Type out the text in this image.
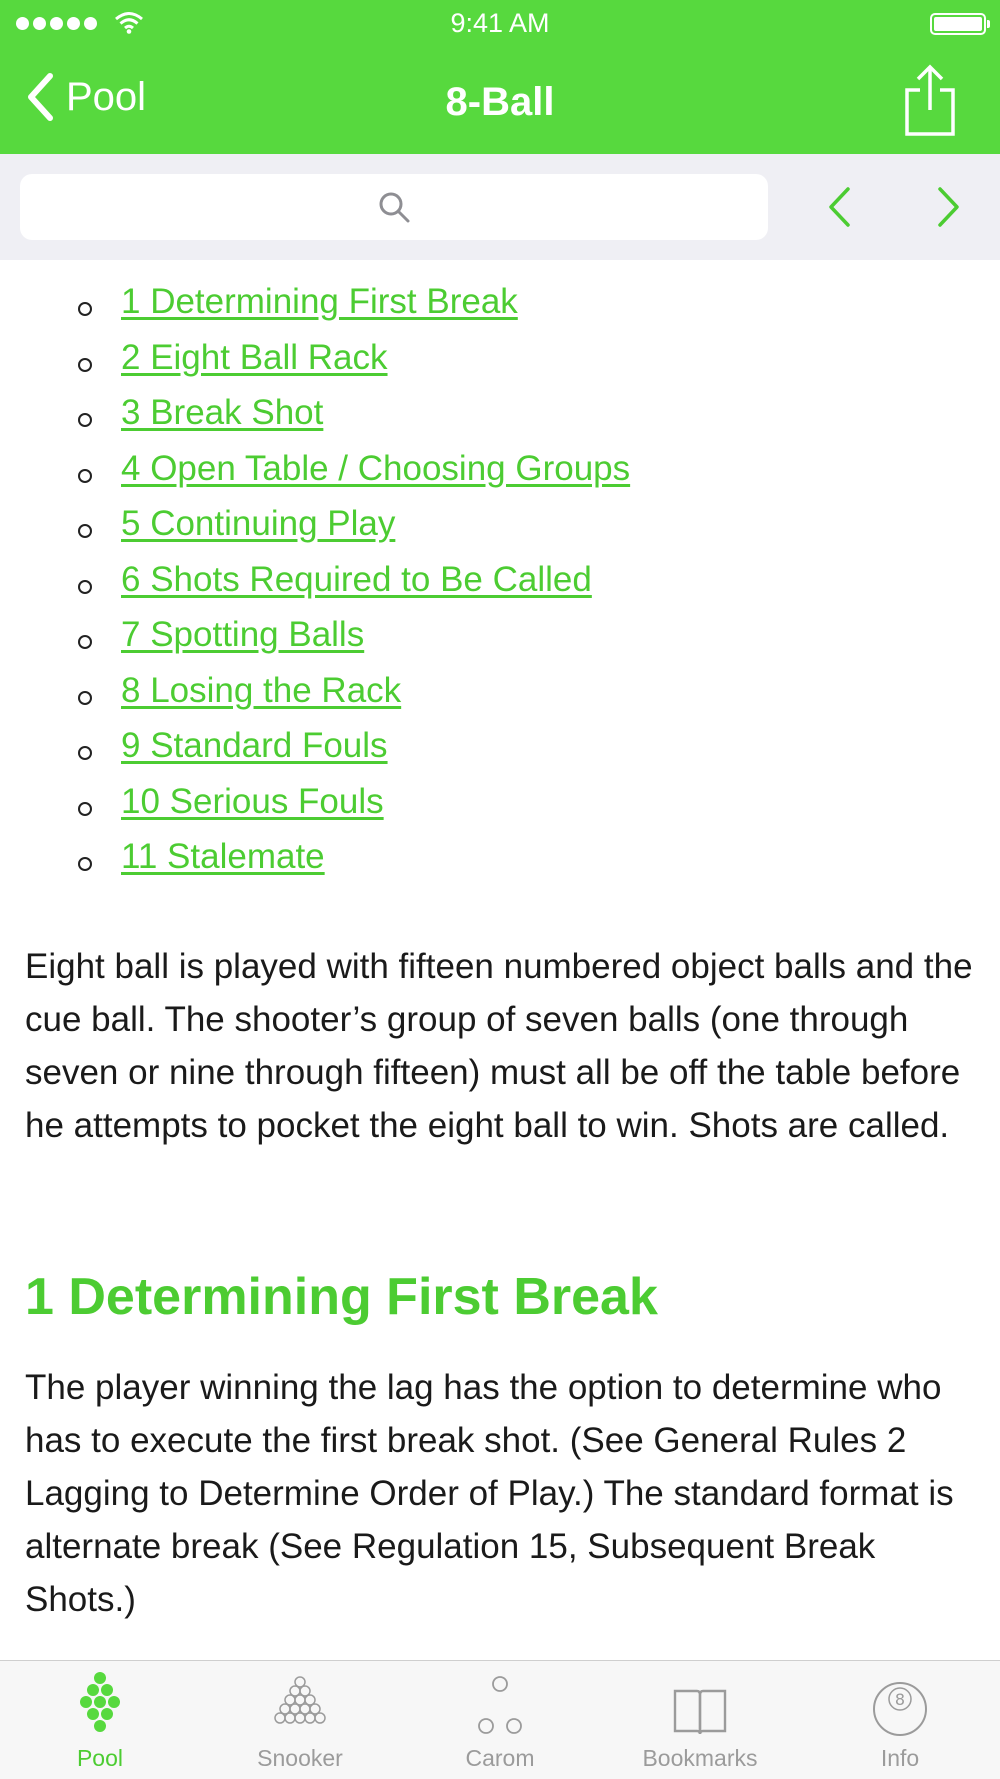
9:41 AM
Pool	8-Ball
1 Determining First Break
2 Eight Ball Rack
3 Break Shot
4 Open Table / Choosing Groups
5 Continuing Play
6 Shots Required to Be Called
7 Spotting Balls
8 Losing the Rack
9 Standard Fouls
10 Serious Fouls
11 Stalemate

Eight ball is played with fifteen numbered object balls and the cue ball. The shooter’s group of seven balls (one through seven or nine through fifteen) must all be off the table before he attempts to pocket the eight ball to win. Shots are called.

1 Determining First Break

The player winning the lag has the option to determine who has to execute the first break shot. (See General Rules 2 Lagging to Determine Order of Play.) The standard format is alternate break (See Regulation 15, Subsequent Break Shots.)

Pool	Snooker	Carom	Bookmarks
8
Info
